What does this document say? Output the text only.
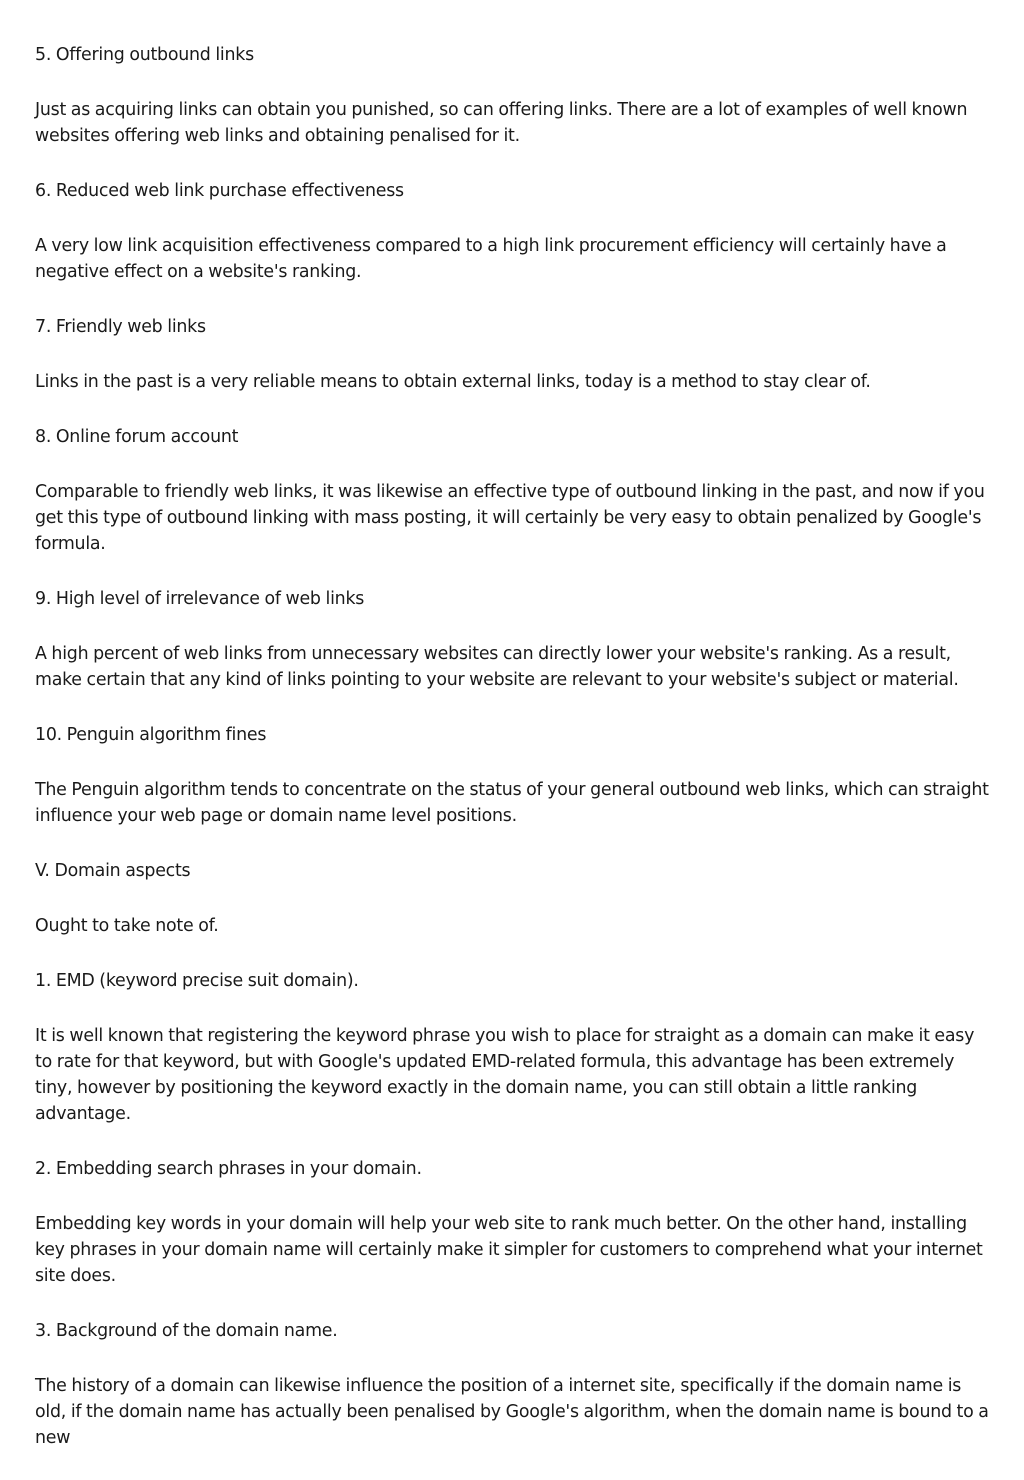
5. Offering outbound links

Just as acquiring links can obtain you punished, so can offering links. There are a lot of examples of well known websites offering web links and obtaining penalised for it.

6. Reduced web link purchase effectiveness

A very low link acquisition effectiveness compared to a high link procurement efficiency will certainly have a negative effect on a website's ranking.

7. Friendly web links

Links in the past is a very reliable means to obtain external links, today is a method to stay clear of.

8. Online forum account

Comparable to friendly web links, it was likewise an effective type of outbound linking in the past, and now if you get this type of outbound linking with mass posting, it will certainly be very easy to obtain penalized by Google's formula.

9. High level of irrelevance of web links

A high percent of web links from unnecessary websites can directly lower your website's ranking. As a result, make certain that any kind of links pointing to your website are relevant to your website's subject or material.

10. Penguin algorithm fines

The Penguin algorithm tends to concentrate on the status of your general outbound web links, which can straight influence your web page or domain name level positions.

V. Domain aspects

Ought to take note of.

1. EMD (keyword precise suit domain).

It is well known that registering the keyword phrase you wish to place for straight as a domain can make it easy to rate for that keyword, but with Google's updated EMD-related formula, this advantage has been extremely tiny, however by positioning the keyword exactly in the domain name, you can still obtain a little ranking advantage.

2. Embedding search phrases in your domain.

Embedding key words in your domain will help your web site to rank much better. On the other hand, installing key phrases in your domain name will certainly make it simpler for customers to comprehend what your internet site does.

3. Background of the domain name.

The history of a domain can likewise influence the position of a internet site, specifically if the domain name is old, if the domain name has actually been penalised by Google's algorithm, when the domain name is bound to a new
